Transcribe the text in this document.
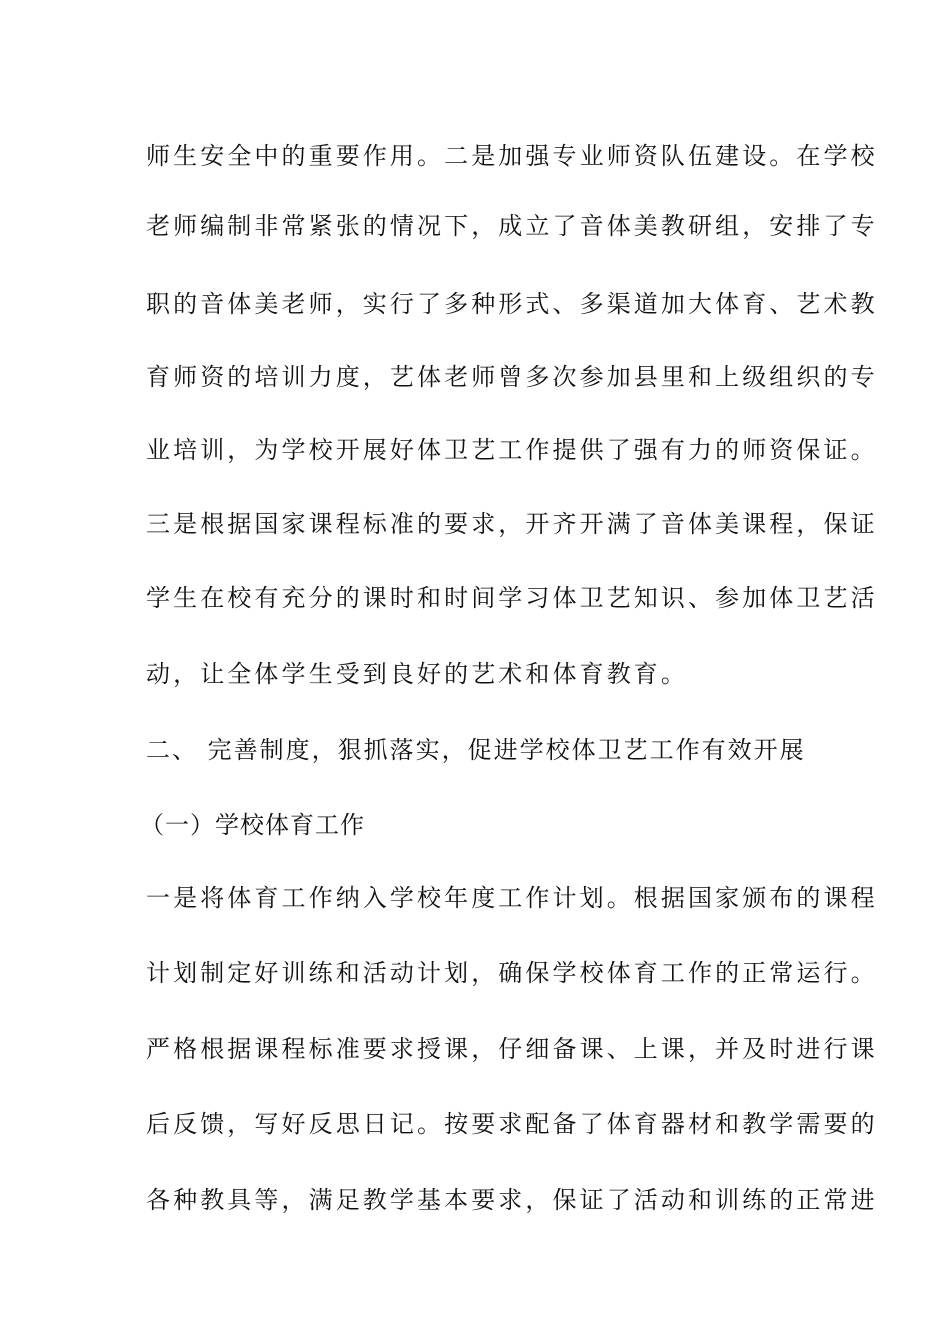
师生安全中的重要作用。二是加强专业师资队伍建设。在学校
老师编制非常紧张的情况下，成立了音体美教研组，安排了专
职的音体美老师，实行了多种形式、多渠道加大体育、艺术教
育师资的培训力度，艺体老师曾多次参加县里和上级组织的专
业培训，为学校开展好体卫艺工作提供了强有力的师资保证。
三是根据国家课程标准的要求，开齐开满了音体美课程，保证
学生在校有充分的课时和时间学习体卫艺知识、参加体卫艺活
动，让全体学生受到良好的艺术和体育教育。
二、 完善制度，狠抓落实，促进学校体卫艺工作有效开展
（一）学校体育工作
一是将体育工作纳入学校年度工作计划。根据国家颁布的课程
计划制定好训练和活动计划，确保学校体育工作的正常运行。
严格根据课程标准要求授课，仔细备课、上课，并及时进行课
后反馈，写好反思日记。按要求配备了体育器材和教学需要的
各种教具等，满足教学基本要求，保证了活动和训练的正常进
